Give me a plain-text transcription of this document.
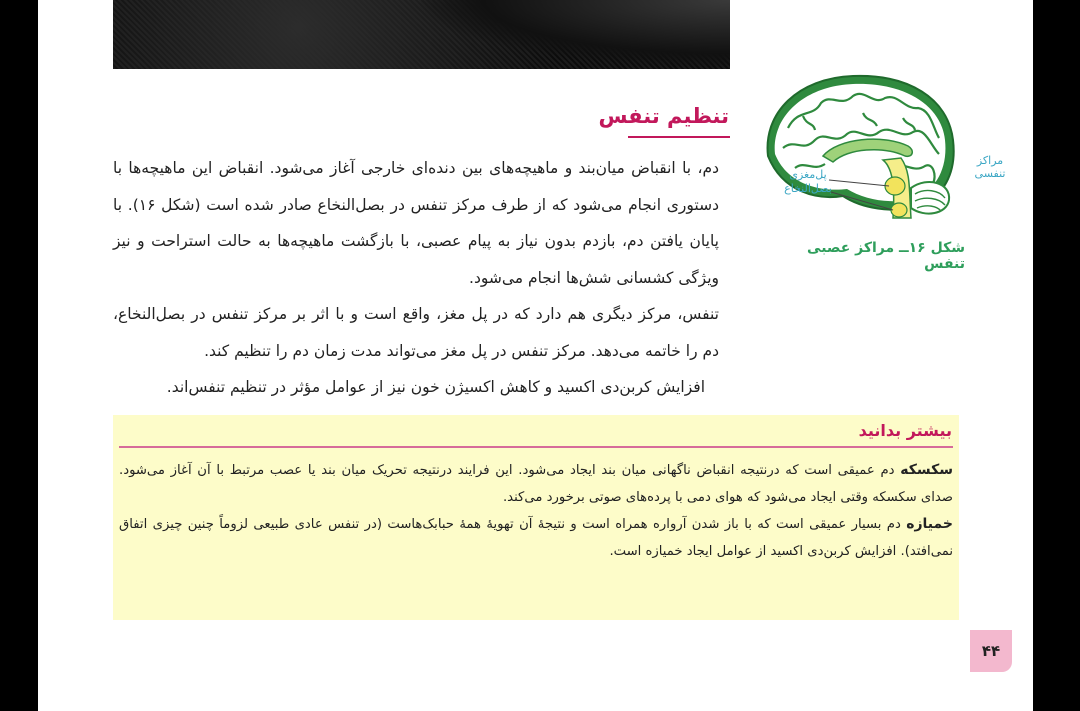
تنظیم تنفس

دم، با انقباض میان‌بند و ماهیچه‌های بین دنده‌ای خارجی آغاز می‌شود. انقباض این ماهیچه‌ها با دستوری انجام می‌شود که از طرف مرکز تنفس در بصل‌النخاع صادر شده است (شکل ۱۶). با پایان یافتن دم، بازدم بدون نیاز به پیام عصبی، با بازگشت ماهیچه‌ها به حالت استراحت و نیز ویژگی کشسانی شش‌ها انجام می‌شود.

تنفس، مرکز دیگری هم دارد که در پل مغز، واقع است و با اثر بر مرکز تنفس در بصل‌النخاع، دم را خاتمه می‌دهد. مرکز تنفس در پل مغز می‌تواند مدت زمان دم را تنظیم کند.

افزایش کربن‌دی اکسید و کاهش اکسیژن خون نیز از عوامل مؤثر در تنظیم تنفس‌اند.

مراکز
تنفسی
پل‌مغزی
بصل‌النخاع
شکل ۱۶ــ مراکز عصبی تنفس
بیشتر بدانید

سکسکه دم عمیقی است که درنتیجه انقباض ناگهانی میان بند ایجاد می‌شود. این فرایند درنتیجه تحریک میان بند یا عصب مرتبط با آن آغاز می‌شود. صدای سکسکه وقتی ایجاد می‌شود که هوای دمی با پرده‌های صوتی برخورد می‌کند.

خمیازه دم بسیار عمیقی است که با باز شدن آرواره همراه است و نتیجهٔ آن تهویهٔ همهٔ حبابک‌هاست (در تنفس عادی طبیعی لزوماً چنین چیزی اتفاق نمی‌افتد). افزایش کربن‌دی اکسید از عوامل ایجاد خمیازه است.

۴۴
